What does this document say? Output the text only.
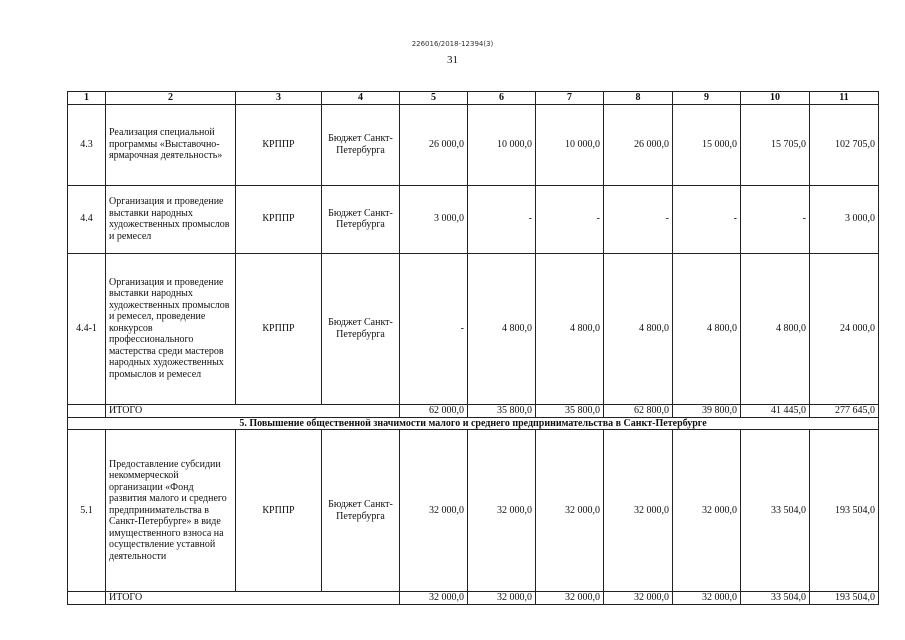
226016/2018-12394(3)
31
1	2	3	4	5	6	7	8	9	10	11
4.3	Реализация специальной программы «Выставочно-ярмарочная деятельность»	КРППР	Бюджет Санкт-Петербурга	26 000,0	10 000,0	10 000,0	26 000,0	15 000,0	15 705,0	102 705,0
4.4	Организация и проведение выставки народных художественных промыслов и ремесел	КРППР	Бюджет Санкт-Петербурга	3 000,0	-	-	-	-	-	3 000,0
4.4-1	Организация и проведение выставки народных художественных промыслов и ремесел, проведение конкурсов профессионального мастерства среди мастеров народных художественных промыслов и ремесел	КРППР	Бюджет Санкт-Петербурга	-	4 800,0	4 800,0	4 800,0	4 800,0	4 800,0	24 000,0
	ИТОГО			62 000,0	35 800,0	35 800,0	62 800,0	39 800,0	41 445,0	277 645,0
5. Повышение общественной значимости малого и среднего предпринимательства в Санкт-Петербурге										
5.1	Предоставление субсидии некоммерческой организации «Фонд развития малого и среднего предпринимательства в Санкт-Петербурге» в виде имущественного взноса на осуществление уставной деятельности	КРППР	Бюджет Санкт-Петербурга	32 000,0	32 000,0	32 000,0	32 000,0	32 000,0	33 504,0	193 504,0
	ИТОГО			32 000,0	32 000,0	32 000,0	32 000,0	32 000,0	33 504,0	193 504,0
